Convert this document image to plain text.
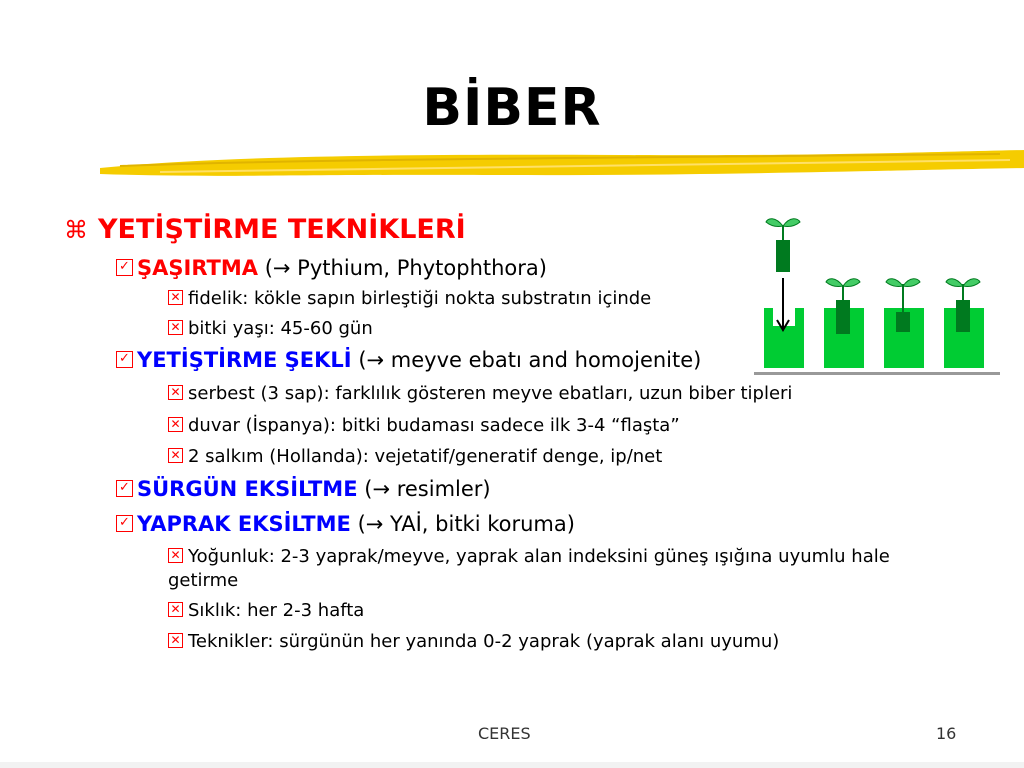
BİBER
⌘ YETİŞTİRME TEKNİKLERİ
✓ ŞAŞIRTMA (→ Pythium, Phytophthora)
✕ fidelik: kökle sapın birleştiği nokta substratın içinde
✕ bitki yaşı: 45-60 gün
✓ YETİŞTİRME ŞEKLİ (→ meyve ebatı and homojenite)
✕ serbest (3 sap): farklılık gösteren meyve ebatları, uzun biber tipleri
✕ duvar (İspanya): bitki budaması sadece ilk 3-4 “flaşta”
✕ 2 salkım (Hollanda): vejetatif/generatif denge, ip/net
✓ SÜRGÜN EKSİLTME (→ resimler)
✓ YAPRAK EKSİLTME (→ YAİ, bitki koruma)
✕ Yoğunluk: 2-3 yaprak/meyve, yaprak alan indeksini güneş ışığına uyumlu hale getirme
✕ Sıklık: her 2-3 hafta
✕ Teknikler: sürgünün her yanında 0-2 yaprak (yaprak alanı uyumu)
CERES	16
